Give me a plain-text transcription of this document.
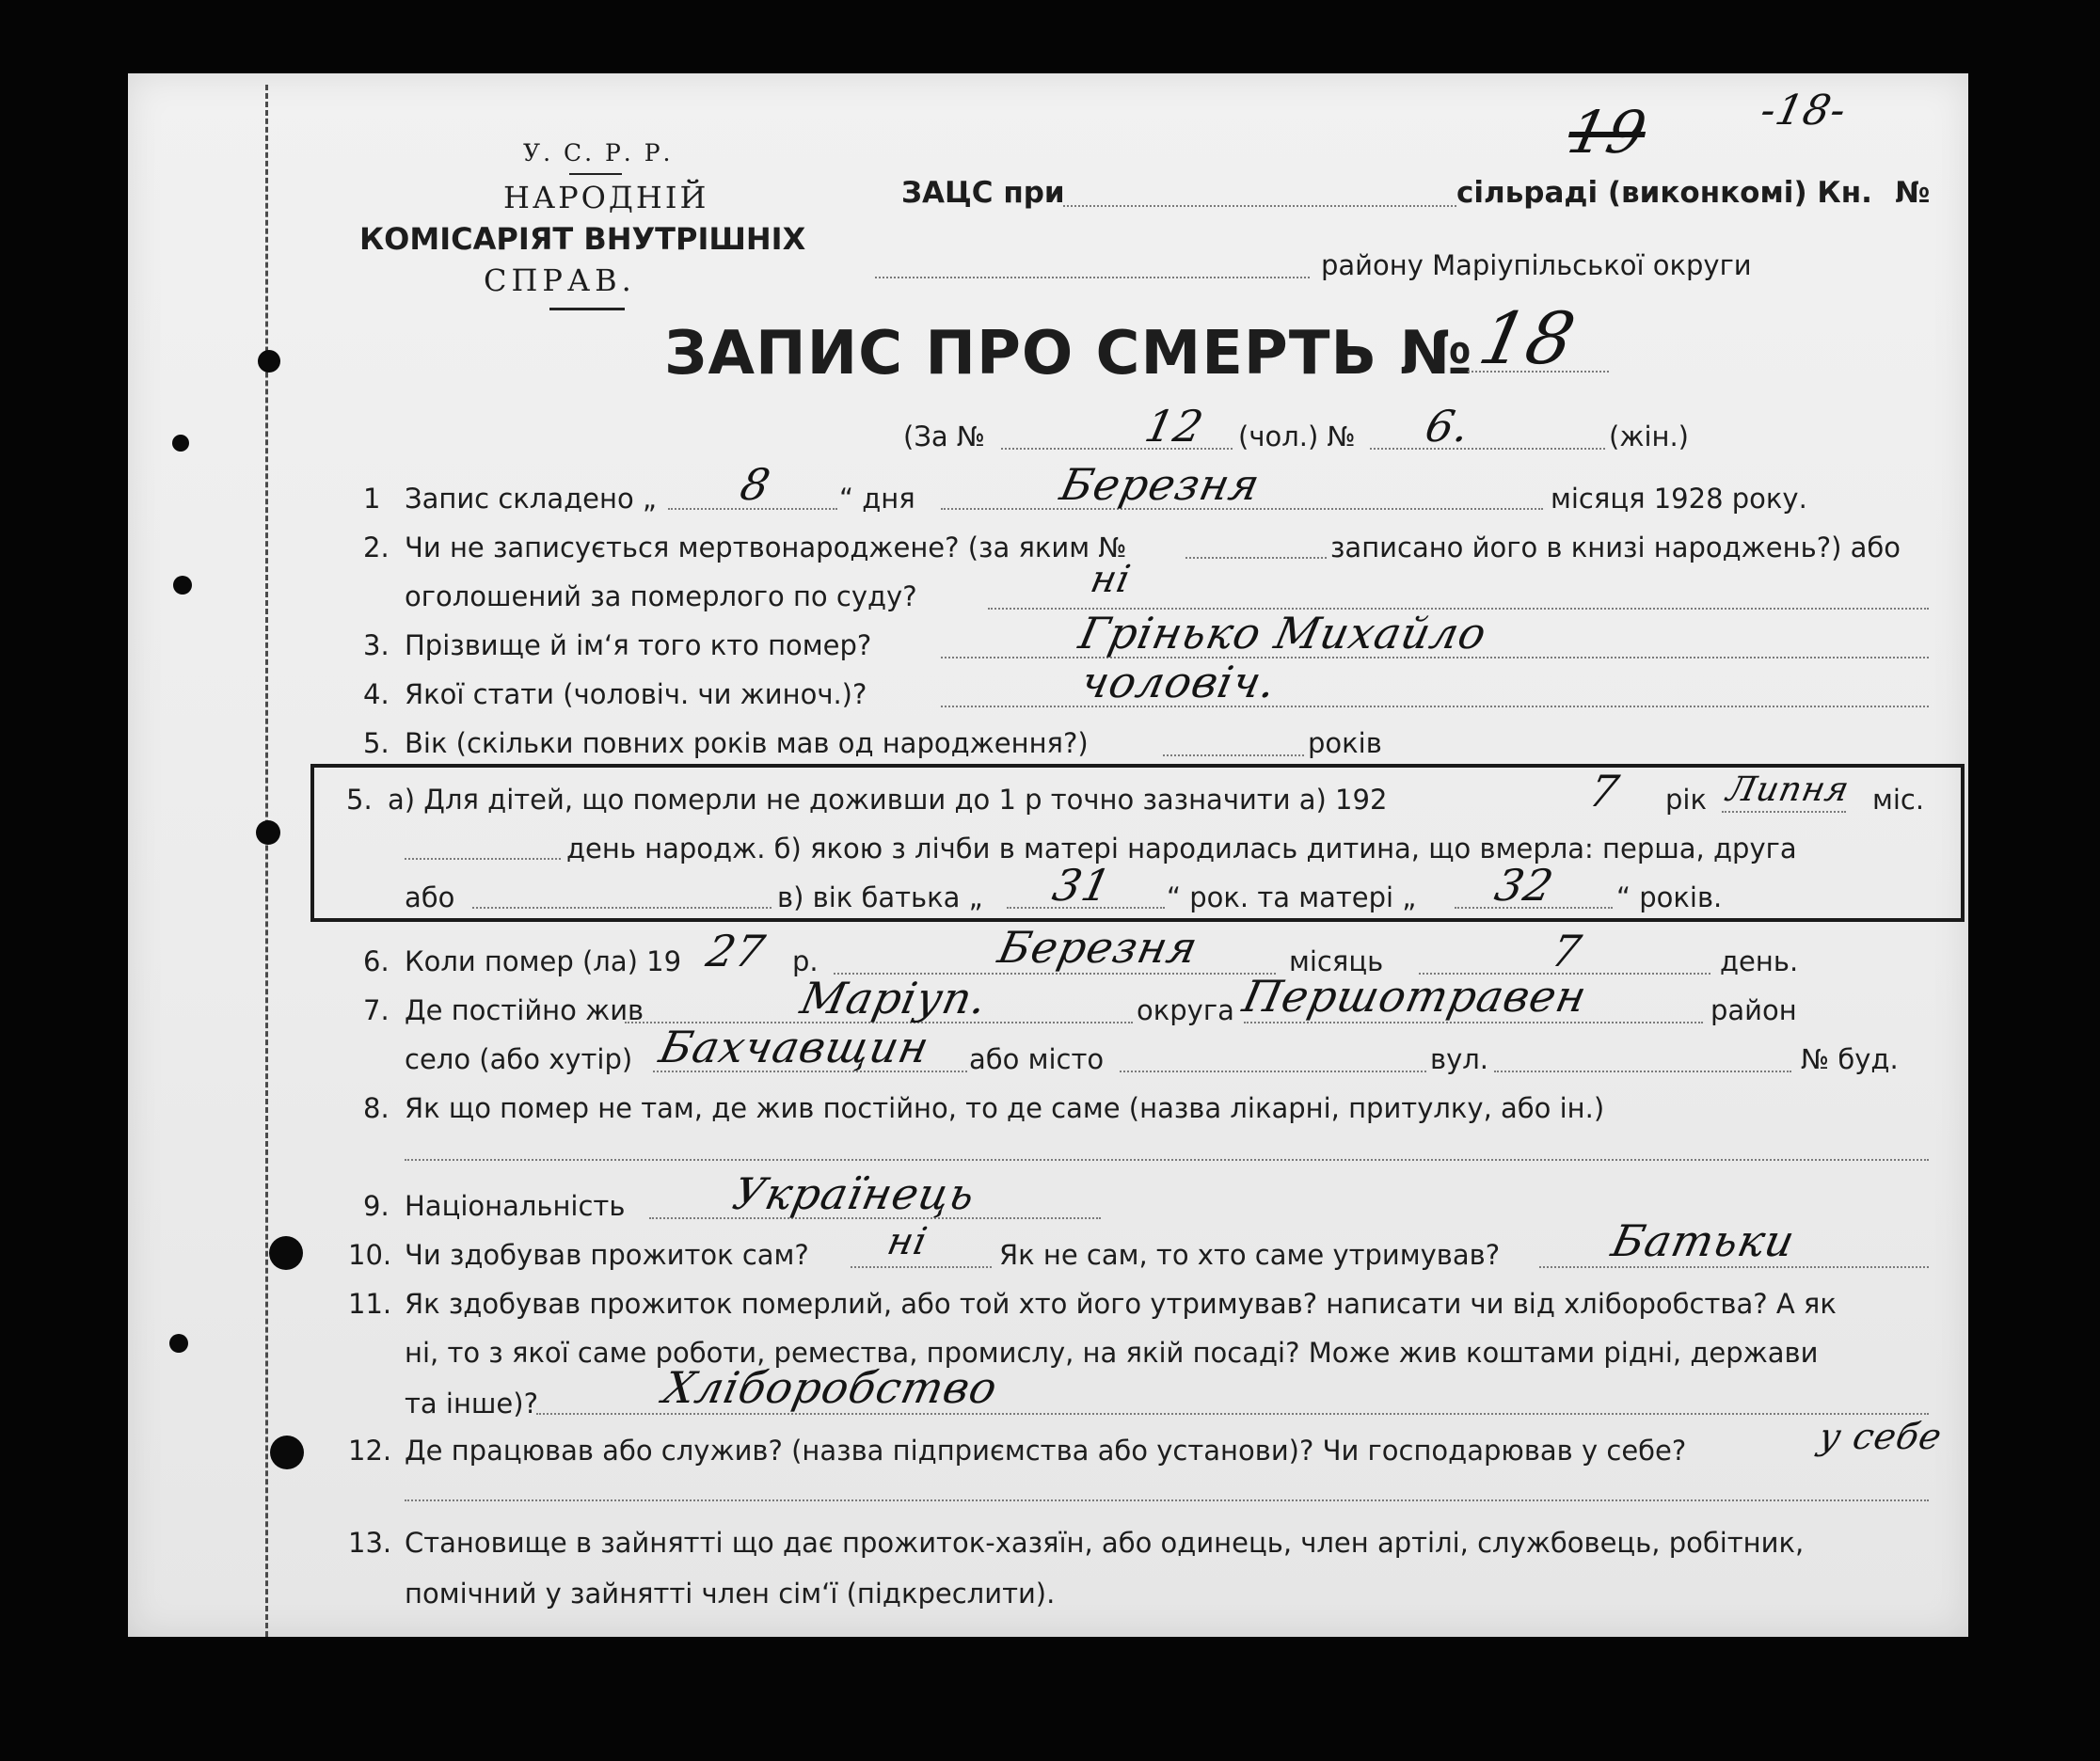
У. С. Р. Р.
НАРОДНІЙ
КОМІСАРІЯТ ВНУТРІШНІХ
СПРАВ.
ЗАЦС при	сільраді (виконкомі) Кн. №
району Маріупільської округи
-18-
19
ЗАПИС ПРО СМЕРТЬ № 18
(За №	12 (чол.) № 6.	(жін.)
1 Запис складено „ 8 “ дня	Березня	місяця 1928 року.
2. Чи не записується мертвонароджене? (за яким №	записано його в книзі народжень?) або
оголошений за померлого по суду?	ні
3. Прізвище й ім‘я того кто помер?	Грінько Михайло
4. Якої стати (чоловіч. чи жиноч.)?	чоловіч.
5. Вік (скільки повних років мав од народження?)	років
5. а) Для дітей, що померли не доживши до 1 р точно зазначити а) 192	7 рік Липня міс.
день народж. б) якою з лічби в матері народилась дитина, що вмерла: перша, друга
або	в) вік батька „ 31 “ рок. та матері „ 32 “ років.
6. Коли помер (ла) 19 27 р.	Березня	місяць	7	день.
7. Де постійно жив	Маріуп.	округа Першотравен	район
село (або хутір) Бахчавщин або місто	вул.	№ буд.
8. Як що помер не там, де жив постійно, то де саме (назва лікарні, притулку, або ін.)
9. Національність Українець
10. Чи здобував прожиток сам? ні Як не сам, то хто саме утримував? Батьки
11. Як здобував прожиток померлий, або той хто його утримував? написати чи від хліборобства? А як
ні, то з якої саме роботи, ремества, промислу, на якій посаді? Може жив коштами рідні, держави
та інше)?	Хліборобство
12. Де працював або служив? (назва підприємства або установи)? Чи господарював у себе?	у себе
13. Становище в зайнятті що дає прожиток-хазяїн, або одинець, член артілі, службовець, робітник,
помічний у зайнятті член сім‘ї (підкреслити).
